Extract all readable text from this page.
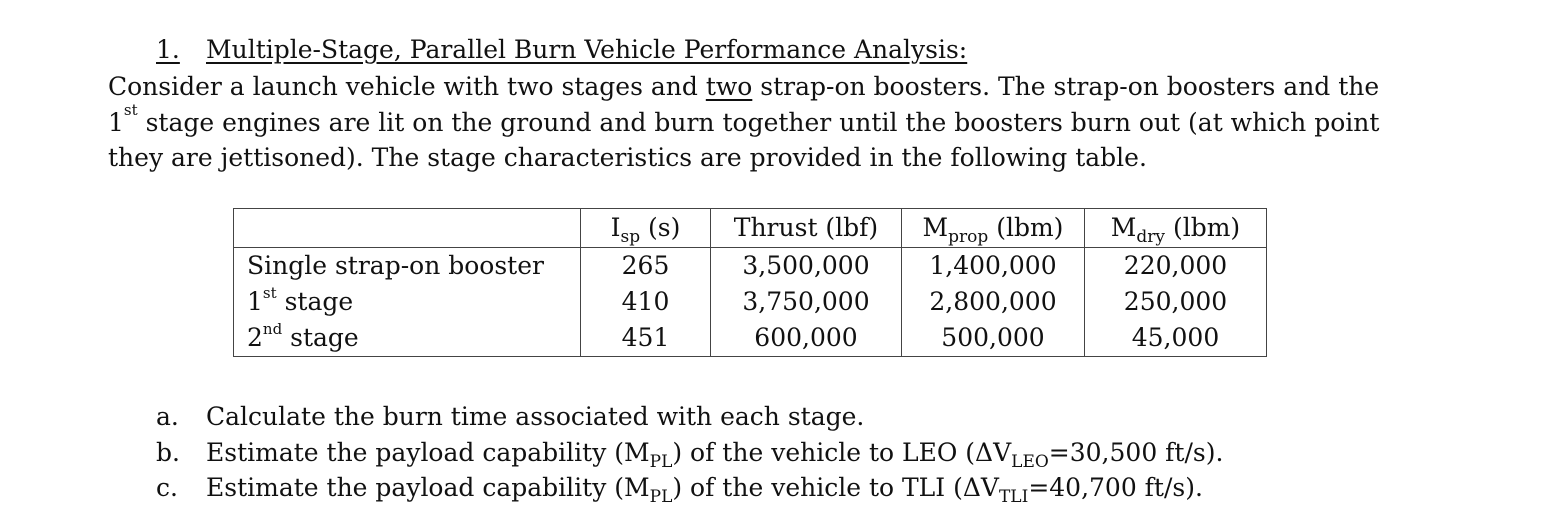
1. Multiple-Stage, Parallel Burn Vehicle Performance Analysis:
Consider a launch vehicle with two stages and two strap-on boosters. The strap-on boosters and the
1st stage engines are lit on the ground and burn together until the boosters burn out (at which point
they are jettisoned). The stage characteristics are provided in the following table.
	$I_{sp}$ (s)	Thrust (lbf)	$M_{prop}$ (lbm)	$M_{dry}$ (lbm)
Single strap-on booster	265	3,500,000	1,400,000	220,000
1st stage	410	3,750,000	2,800,000	250,000
2nd stage	451	600,000	500,000	45,000
a. Calculate the burn time associated with each stage.
b. Estimate the payload capability $(M_{PL})$ of the vehicle to LEO ($\Delta V_{LEO}=30,500$ ft/s).
c. Estimate the payload capability $(M_{PL})$ of the vehicle to TLI ($\Delta V_{TLI}=40,700$ ft/s).
